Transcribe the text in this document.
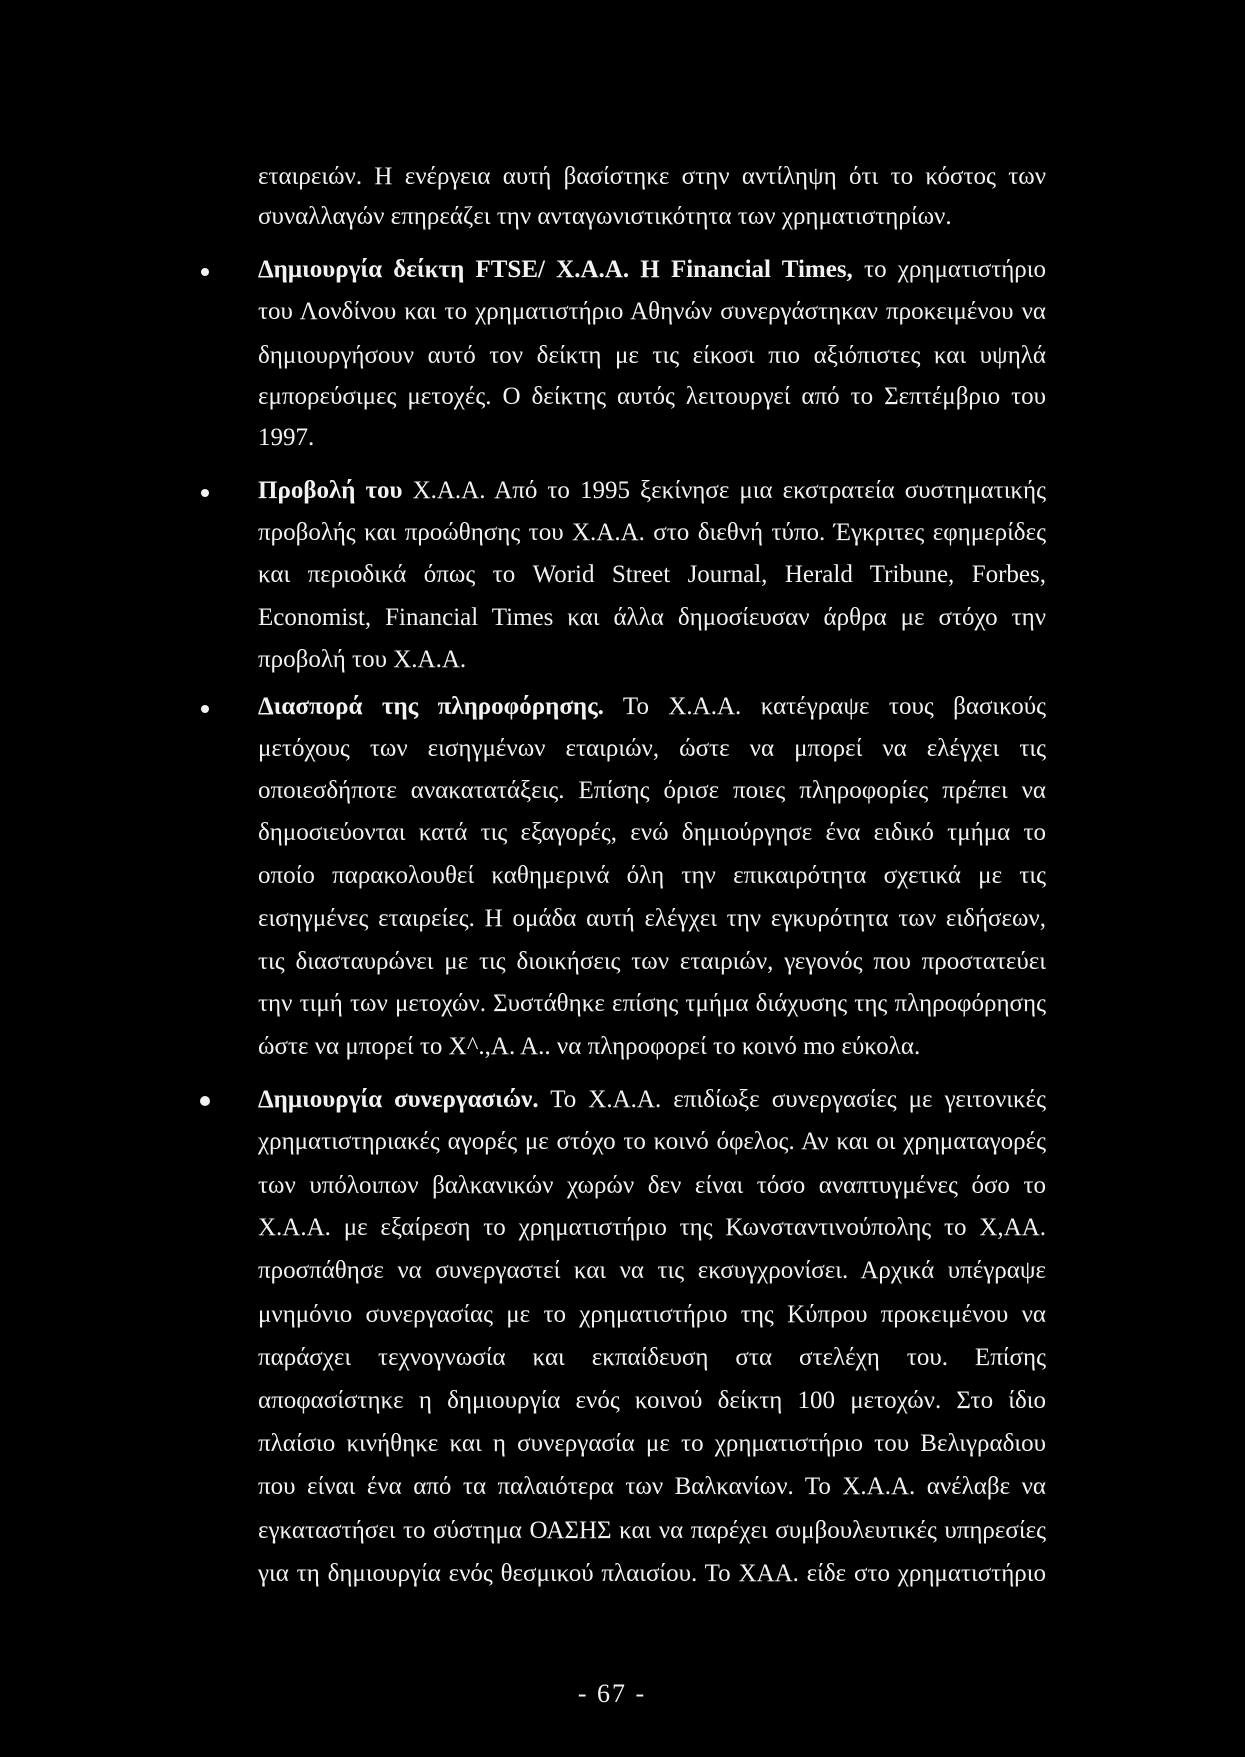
εταιρειών. Η ενέργεια αυτή βασίστηκε στην αντίληψη ότι το κόστος των
συναλλαγών επηρεάζει την ανταγωνιστικότητα των χρηματιστηρίων.
Δημιουργία δείκτη FTSE/ Χ.Α.Α. Η Financial Times, το χρηματιστήριο
του Λονδίνου και το χρηματιστήριο Αθηνών συνεργάστηκαν προκειμένου να
δημιουργήσουν αυτό τον δείκτη με τις είκοσι πιο αξιόπιστες και υψηλά
εμπορεύσιμες μετοχές. Ο δείκτης αυτός λειτουργεί από το Σεπτέμβριο του
1997.
Προβολή του Χ.Α.Α. Από το 1995 ξεκίνησε μια εκστρατεία συστηματικής
προβολής και προώθησης του Χ.Α.Α. στο διεθνή τύπο. Έγκριτες εφημερίδες
και περιοδικά όπως το Worid Street Journal, Herald Tribune, Forbes,
Economist, Financial Times και άλλα δημοσίευσαν άρθρα με στόχο την
προβολή του Χ.Α.Α.
Διασπορά της πληροφόρησης. Το Χ.Α.Α. κατέγραψε τους βασικούς
μετόχους των εισηγμένων εταιριών, ώστε να μπορεί να ελέγχει τις
οποιεσδήποτε ανακατατάξεις. Επίσης όρισε ποιες πληροφορίες πρέπει να
δημοσιεύονται κατά τις εξαγορές, ενώ δημιούργησε ένα ειδικό τμήμα το
οποίο παρακολουθεί καθημερινά όλη την επικαιρότητα σχετικά με τις
εισηγμένες εταιρείες. Η ομάδα αυτή ελέγχει την εγκυρότητα των ειδήσεων,
τις διασταυρώνει με τις διοικήσεις των εταιριών, γεγονός που προστατεύει
την τιμή των μετοχών. Συστάθηκε επίσης τμήμα διάχυσης της πληροφόρησης
ώστε να μπορεί το Χ^.,Α. Α.. να πληροφορεί το κοινό mo εύκολα.
Δημιουργία συνεργασιών. Το Χ.Α.Α. επιδίωξε συνεργασίες με γειτονικές
χρηματιστηριακές αγορές με στόχο το κοινό όφελος. Αν και οι χρηματαγορές
των υπόλοιπων βαλκανικών χωρών δεν είναι τόσο αναπτυγμένες όσο το
Χ.Α.Α. με εξαίρεση το χρηματιστήριο της Κωνσταντινούπολης το Χ,ΑΑ.
προσπάθησε να συνεργαστεί και να τις εκσυγχρονίσει. Αρχικά υπέγραψε
μνημόνιο συνεργασίας με το χρηματιστήριο της Κύπρου προκειμένου να
παράσχει τεχνογνωσία και εκπαίδευση στα στελέχη του. Επίσης
αποφασίστηκε η δημιουργία ενός κοινού δείκτη 100 μετοχών. Στο ίδιο
πλαίσιο κινήθηκε και η συνεργασία με το χρηματιστήριο του Βελιγραδιου
που είναι ένα από τα παλαιότερα των Βαλκανίων. Το Χ.Α.Α. ανέλαβε να
εγκαταστήσει το σύστημα ΟΑΣΗΣ και να παρέχει συμβουλευτικές υπηρεσίες
για τη δημιουργία ενός θεσμικού πλαισίου. Το ΧΑΑ. είδε στο χρηματιστήριο
- 67 -
